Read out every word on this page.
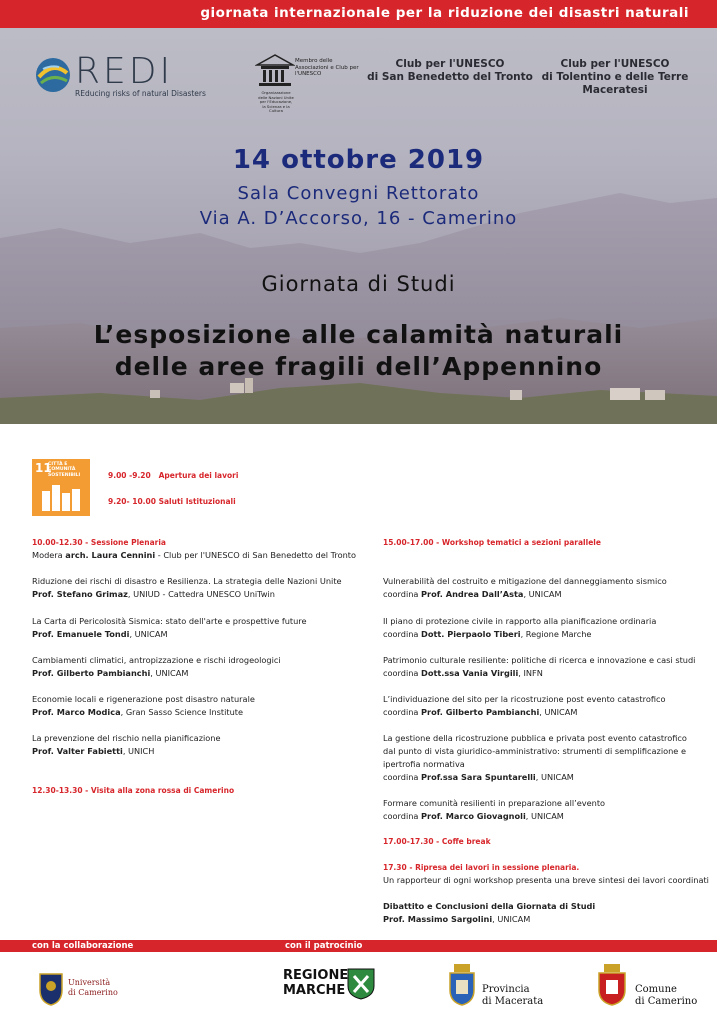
giornata internazionale per la riduzione dei disastri naturali
REDI
REducing risks of natural Disasters
Membro delle Associazioni e Club per l'UNESCO
Organizzazione delle Nazioni Unite per l'Educazione, la Scienza e la Cultura
Club per l'UNESCO
di San Benedetto del Tronto
Club per l'UNESCO
di Tolentino e delle Terre Maceratesi
14 ottobre 2019
Sala Convegni Rettorato
Via A. D’Accorso, 16 - Camerino
Giornata di Studi
L’esposizione alle calamità naturali
delle aree fragili dell’Appennino
11
CITTÀ E COMUNITÀ SOSTENIBILI	9.00 -9.20 Apertura dei lavori
9.20- 10.00 Saluti Istituzionali
10.00-12.30 - Sessione Plenaria
Modera arch. Laura Cennini - Club per l'UNESCO di San Benedetto del Tronto
Riduzione dei rischi di disastro e Resilienza. La strategia delle Nazioni Unite
Prof. Stefano Grimaz, UNIUD - Cattedra UNESCO UniTwin
La Carta di Pericolosità Sismica: stato dell'arte e prospettive future
Prof. Emanuele Tondi, UNICAM
Cambiamenti climatici, antropizzazione e rischi idrogeologici
Prof. Gilberto Pambianchi, UNICAM
Economie locali e rigenerazione post disastro naturale
Prof. Marco Modica, Gran Sasso Science Institute
La prevenzione del rischio nella pianificazione
Prof. Valter Fabietti, UNICH
12.30-13.30 - Visita alla zona rossa di Camerino
15.00-17.00 - Workshop tematici a sezioni parallele
Vulnerabilità del costruito e mitigazione del danneggiamento sismico
coordina Prof. Andrea Dall’Asta, UNICAM
Il piano di protezione civile in rapporto alla pianificazione ordinaria
coordina Dott. Pierpaolo Tiberi, Regione Marche
Patrimonio culturale resiliente: politiche di ricerca e innovazione e casi studi
coordina Dott.ssa Vania Virgili, INFN
L’individuazione del sito per la ricostruzione post evento catastrofico
coordina Prof. Gilberto Pambianchi, UNICAM
La gestione della ricostruzione pubblica e privata post evento catastrofico
dal punto di vista giuridico-amministrativo: strumenti di semplificazione e
ipertrofia normativa
coordina Prof.ssa Sara Spuntarelli, UNICAM
Formare comunità resilienti in preparazione all’evento
coordina Prof. Marco Giovagnoli, UNICAM
17.00-17.30 - Coffe break
17.30 - Ripresa dei lavori in sessione plenaria.
Un rapporteur di ogni workshop presenta una breve sintesi dei lavori coordinati
Dibattito e Conclusioni della Giornata di Studi
Prof. Massimo Sargolini, UNICAM
con la collaborazione	con il patrocinio
Università
di Camerino
REGIONE
MARCHE	Provincia
di Macerata
Comune
di Camerino
